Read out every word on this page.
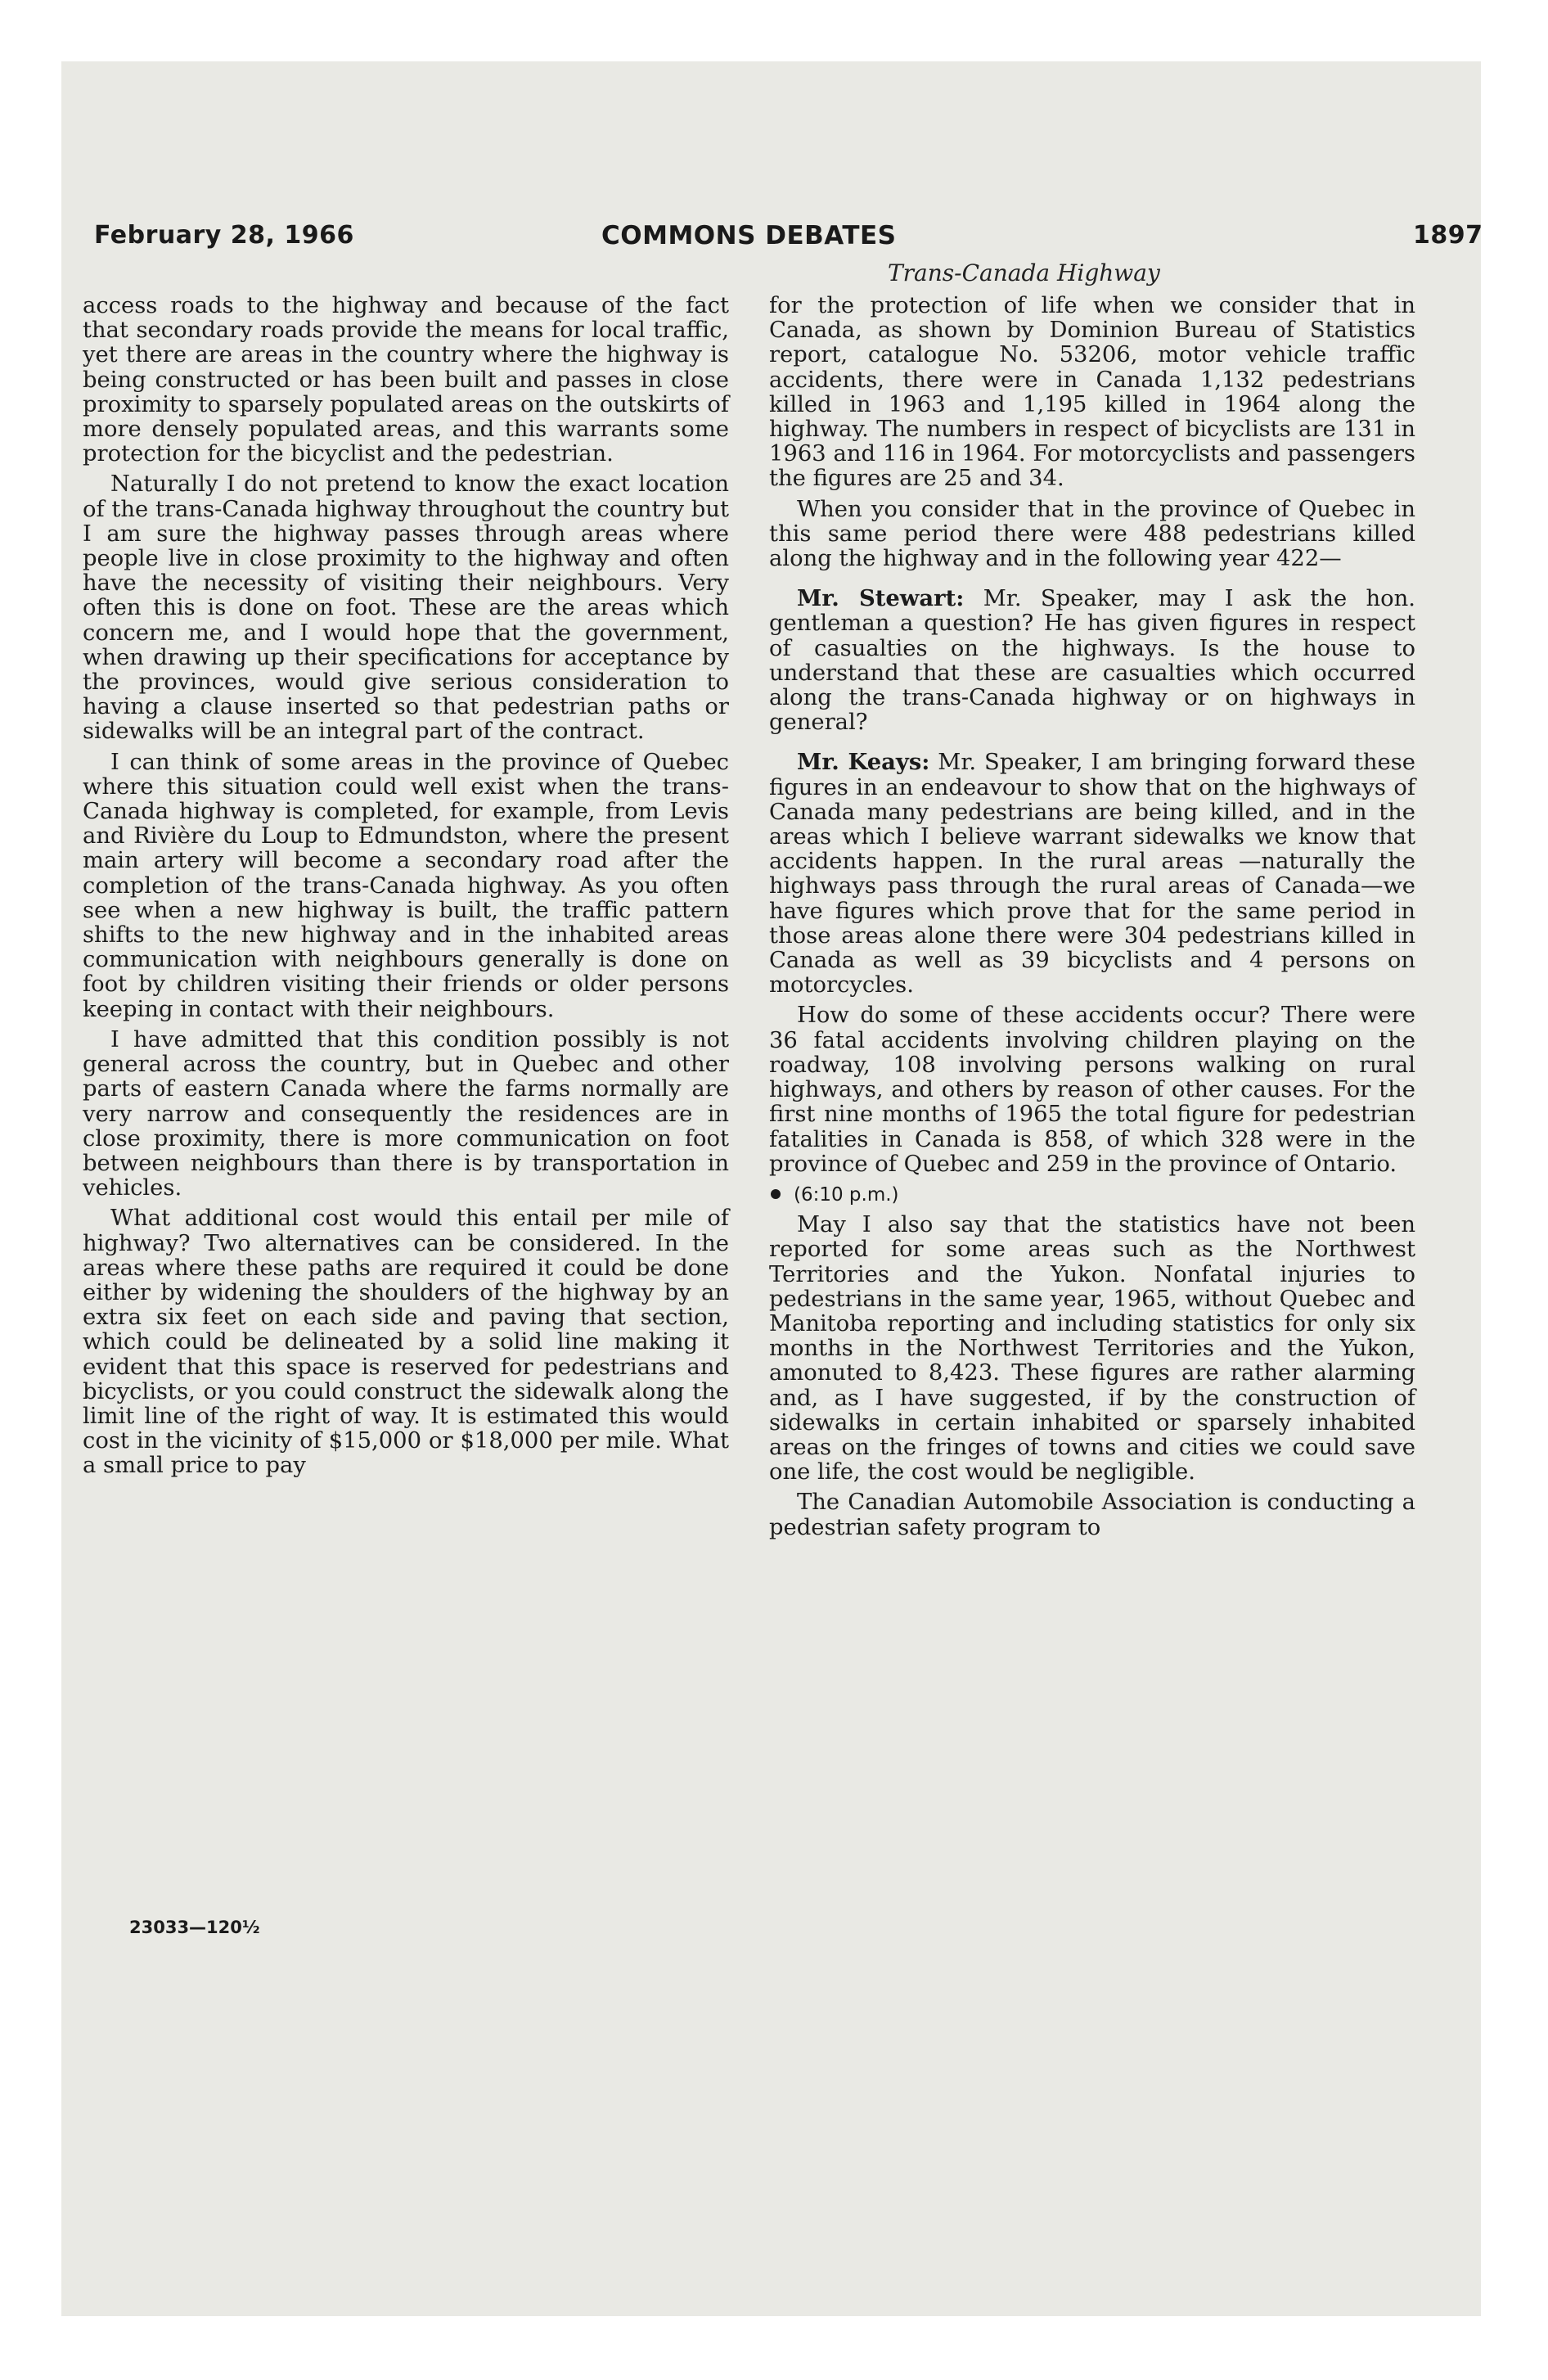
February 28, 1966	COMMONS DEBATES	1897
Trans-Canada Highway

access roads to the highway and because of the fact that secondary roads provide the means for local traffic, yet there are areas in the country where the highway is being constructed or has been built and passes in close proximity to sparsely populated areas on the outskirts of more densely populated areas, and this warrants some protection for the bicyclist and the pedestrian.

Naturally I do not pretend to know the exact location of the trans-Canada highway throughout the country but I am sure the highway passes through areas where people live in close proximity to the highway and often have the necessity of visiting their neighbours. Very often this is done on foot. These are the areas which concern me, and I would hope that the government, when drawing up their specifications for acceptance by the provinces, would give serious consideration to having a clause inserted so that pedestrian paths or sidewalks will be an integral part of the contract.

I can think of some areas in the province of Quebec where this situation could well exist when the trans-Canada highway is completed, for example, from Levis and Rivière du Loup to Edmundston, where the present main artery will become a secondary road after the completion of the trans-Canada highway. As you often see when a new highway is built, the traffic pattern shifts to the new highway and in the inhabited areas communication with neighbours generally is done on foot by children visiting their friends or older persons keeping in contact with their neighbours.

I have admitted that this condition possibly is not general across the country, but in Quebec and other parts of eastern Canada where the farms normally are very narrow and consequently the residences are in close proximity, there is more communication on foot between neighbours than there is by transportation in vehicles.

What additional cost would this entail per mile of highway? Two alternatives can be considered. In the areas where these paths are required it could be done either by widening the shoulders of the highway by an extra six feet on each side and paving that section, which could be delineated by a solid line making it evident that this space is reserved for pedestrians and bicyclists, or you could construct the sidewalk along the limit line of the right of way. It is estimated this would cost in the vicinity of $15,000 or $18,000 per mile. What a small price to pay

for the protection of life when we consider that in Canada, as shown by Dominion Bureau of Statistics report, catalogue No. 53206, motor vehicle traffic accidents, there were in Canada 1,132 pedestrians killed in 1963 and 1,195 killed in 1964 along the highway. The numbers in respect of bicyclists are 131 in 1963 and 116 in 1964. For motorcyclists and passengers the figures are 25 and 34.

When you consider that in the province of Quebec in this same period there were 488 pedestrians killed along the highway and in the following year 422—

Mr. Stewart: Mr. Speaker, may I ask the hon. gentleman a question? He has given figures in respect of casualties on the highways. Is the house to understand that these are casualties which occurred along the trans-Canada highway or on highways in general?

Mr. Keays: Mr. Speaker, I am bringing forward these figures in an endeavour to show that on the highways of Canada many pedestrians are being killed, and in the areas which I believe warrant sidewalks we know that accidents happen. In the rural areas —naturally the highways pass through the rural areas of Canada—we have figures which prove that for the same period in those areas alone there were 304 pedestrians killed in Canada as well as 39 bicyclists and 4 persons on motorcycles.

How do some of these accidents occur? There were 36 fatal accidents involving children playing on the roadway, 108 involving persons walking on rural highways, and others by reason of other causes. For the first nine months of 1965 the total figure for pedestrian fatalities in Canada is 858, of which 328 were in the province of Quebec and 259 in the province of Ontario.

(6:10 p.m.)

May I also say that the statistics have not been reported for some areas such as the Northwest Territories and the Yukon. Nonfatal injuries to pedestrians in the same year, 1965, without Quebec and Manitoba reporting and including statistics for only six months in the Northwest Territories and the Yukon, amonuted to 8,423. These figures are rather alarming and, as I have suggested, if by the construction of sidewalks in certain inhabited or sparsely inhabited areas on the fringes of towns and cities we could save one life, the cost would be negligible.

The Canadian Automobile Association is conducting a pedestrian safety program to

23033—120½
